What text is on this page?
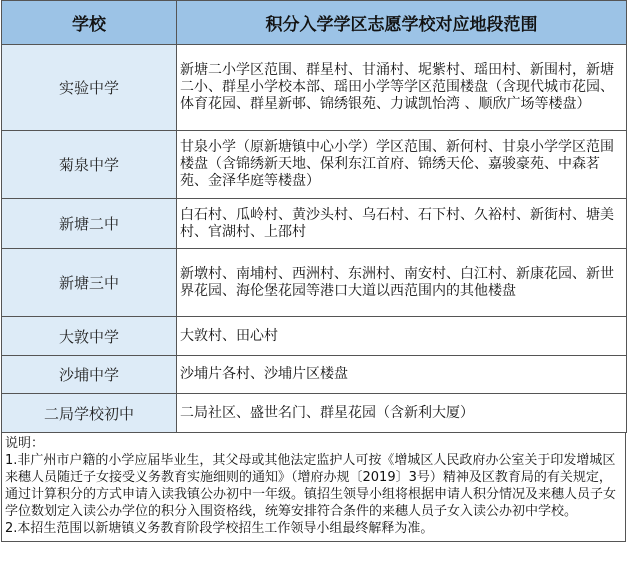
学校	积分入学学区志愿学校对应地段范围
实验中学	新塘二小学区范围、群星村、甘涌村、坭紫村、瑶田村、新围村，新塘二小、群星小学校本部、瑶田小学等学区范围楼盘（含现代城市花园、体育花园、群星新邨、锦绣银苑、力诚凯怡湾 、顺欣广场等楼盘）
菊泉中学	甘泉小学（原新塘镇中心小学）学区范围、新何村、甘泉小学学区范围楼盘（含锦绣新天地、保利东江首府、锦绣天伦、嘉骏豪苑、中森茗苑、金泽华庭等楼盘）
新塘二中	白石村、瓜岭村、黄沙头村、乌石村、石下村、久裕村、新街村、塘美村、官湖村、上邵村
新塘三中	新墩村、南埔村、西洲村、东洲村、南安村、白江村、新康花园、新世界花园、海伦堡花园等港口大道以西范围内的其他楼盘
大敦中学	大敦村、田心村
沙埔中学	沙埔片各村、沙埔片区楼盘
二局学校初中	二局社区、盛世名门、群星花园（含新利大厦）

说明：

1.非广州市户籍的小学应届毕业生，其父母或其他法定监护人可按《增城区人民政府办公室关于印发增城区来穗人员随迁子女接受义务教育实施细则的通知》（增府办规〔2019〕3号）精神及区教育局的有关规定，通过计算积分的方式申请入读我镇公办初中一年级。镇招生领导小组将根据申请人积分情况及来穗人员子女学位数划定入读公办学位的积分入围资格线，统筹安排符合条件的来穗人员子女入读公办初中学校。

2.本招生范围以新塘镇义务教育阶段学校招生工作领导小组最终解释为准。
